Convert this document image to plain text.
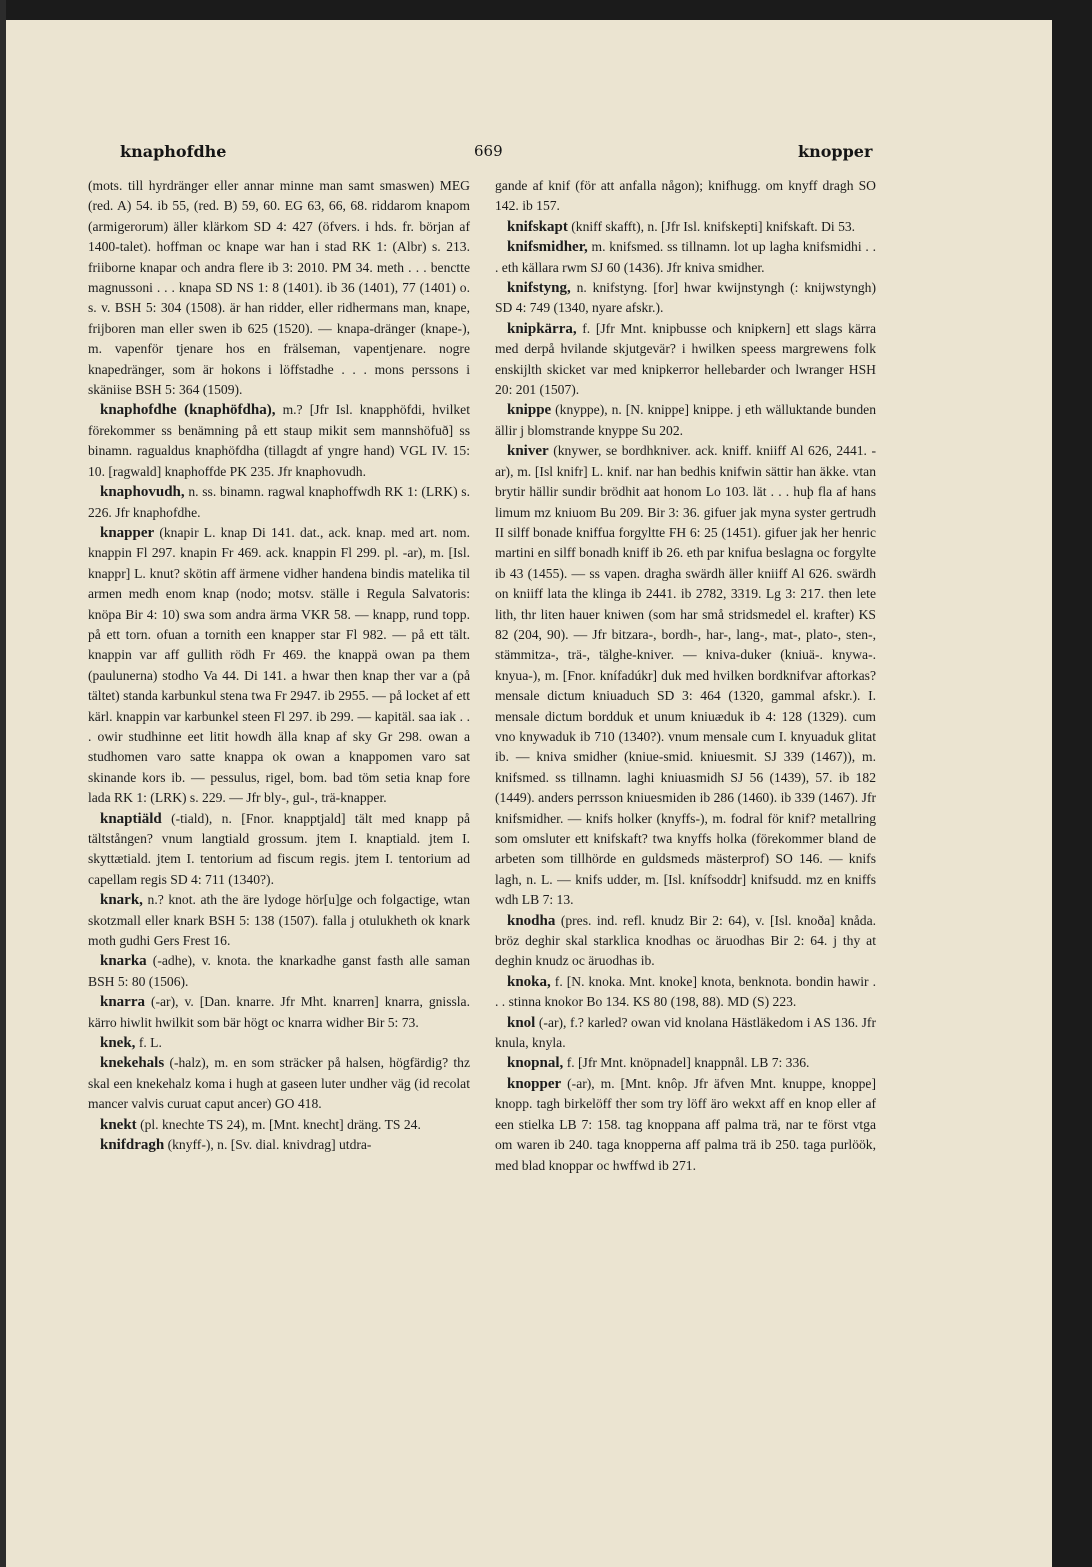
knaphofdhe	669	knopper

(mots. till hyrdränger eller annar minne man samt smaswen) MEG (red. A) 54. ib 55, (red. B) 59, 60. EG 63, 66, 68. riddarom knapom (armigerorum) äller klärkom SD 4: 427 (öfvers. i hds. fr. början af 1400-talet). hoffman oc knape war han i stad RK 1: (Albr) s. 213. friiborne knapar och andra flere ib 3: 2010. PM 34. meth . . . benctte magnussoni . . . knapa SD NS 1: 8 (1401). ib 36 (1401), 77 (1401) o. s. v. BSH 5: 304 (1508). är han ridder, eller ridhermans man, knape, frijboren man eller swen ib 625 (1520). — knapa-dränger (knape-), m. vapenför tjenare hos en frälseman, vapentjenare. nogre knapedränger, som är hokons i löffstadhe . . . mons perssons i skäniise BSH 5: 364 (1509).

knaphofdhe (knaphöfdha), m.? [Jfr Isl. knapphöfdi, hvilket förekommer ss benämning på ett staup mikit sem mannshöfuð] ss binamn. ragualdus knaphöfdha (tillagdt af yngre hand) VGL IV. 15: 10. [ragwald] knaphoffde PK 235. Jfr knaphovudh.

knaphovudh, n. ss. binamn. ragwal knaphoffwdh RK 1: (LRK) s. 226. Jfr knaphofdhe.

knapper (knapir L. knap Di 141. dat., ack. knap. med art. nom. knappin Fl 297. knapin Fr 469. ack. knappin Fl 299. pl. -ar), m. [Isl. knappr] L. knut? skötin aff ärmene vidher handena bindis matelika til armen medh enom knap (nodo; motsv. ställe i Regula Salvatoris: knöpa Bir 4: 10) swa som andra ärma VKR 58. — knapp, rund topp. på ett torn. ofuan a tornith een knapper star Fl 982. — på ett tält. knappin var aff gullith rödh Fr 469. the knappä owan pa them (paulunerna) stodho Va 44. Di 141. a hwar then knap ther var a (på tältet) standa karbunkul stena twa Fr 2947. ib 2955. — på locket af ett kärl. knappin var karbunkel steen Fl 297. ib 299. — kapitäl. saa iak . . . owir studhinne eet litit howdh älla knap af sky Gr 298. owan a studhomen varo satte knappa ok owan a knappomen varo sat skinande kors ib. — pessulus, rigel, bom. bad töm setia knap fore lada RK 1: (LRK) s. 229. — Jfr bly-, gul-, trä-knapper.

knaptiäld (-tiald), n. [Fnor. knapptjald] tält med knapp på tältstången? vnum langtiald grossum. jtem I. knaptiald. jtem I. skyttætiald. jtem I. tentorium ad fiscum regis. jtem I. tentorium ad capellam regis SD 4: 711 (1340?).

knark, n.? knot. ath the äre lydoge hör[u]ge och folgactige, wtan skotzmall eller knark BSH 5: 138 (1507). falla j otulukheth ok knark moth gudhi Gers Frest 16.

knarka (-adhe), v. knota. the knarkadhe ganst fasth alle saman BSH 5: 80 (1506).

knarra (-ar), v. [Dan. knarre. Jfr Mht. knarren] knarra, gnissla. kärro hiwlit hwilkit som bär högt oc knarra widher Bir 5: 73.

knek, f. L.

knekehals (-halz), m. en som sträcker på halsen, högfärdig? thz skal een knekehalz koma i hugh at gaseen luter undher väg (id recolat mancer valvis curuat caput ancer) GO 418.

knekt (pl. knechte TS 24), m. [Mnt. knecht] dräng. TS 24.

knifdragh (knyff-), n. [Sv. dial. knivdrag] utdra-

gande af knif (för att anfalla någon); knifhugg. om knyff dragh SO 142. ib 157.

knifskapt (kniff skafft), n. [Jfr Isl. knifskepti] knifskaft. Di 53.

knifsmidher, m. knifsmed. ss tillnamn. lot up lagha knifsmidhi . . . eth källara rwm SJ 60 (1436). Jfr kniva smidher.

knifstyng, n. knifstyng. [for] hwar kwijnstyngh (: knijwstyngh) SD 4: 749 (1340, nyare afskr.).

knipkärra, f. [Jfr Mnt. knipbusse och knipkern] ett slags kärra med derpå hvilande skjutgevär? i hwilken speess margrewens folk enskijlth skicket var med knipkerror hellebarder och lwranger HSH 20: 201 (1507).

knippe (knyppe), n. [N. knippe] knippe. j eth wälluktande bunden ällir j blomstrande knyppe Su 202.

kniver (knywer, se bordhkniver. ack. kniff. kniiff Al 626, 2441. -ar), m. [Isl knifr] L. knif. nar han bedhis knifwin sättir han äkke. vtan brytir hällir sundir brödhit aat honom Lo 103. lät . . . huþ fla af hans limum mz kniuom Bu 209. Bir 3: 36. gifuer jak myna syster gertrudh II silff bonade kniffua forgyltte FH 6: 25 (1451). gifuer jak her henric martini en silff bonadh kniff ib 26. eth par knifua beslagna oc forgylte ib 43 (1455). — ss vapen. dragha swärdh äller kniiff Al 626. swärdh on kniiff lata the klinga ib 2441. ib 2782, 3319. Lg 3: 217. then lete lith, thr liten hauer kniwen (som har små stridsmedel el. krafter) KS 82 (204, 90). — Jfr bitzara-, bordh-, har-, lang-, mat-, plato-, sten-, stämmitza-, trä-, tälghe-kniver. — kniva-duker (kniuä-. knywa-. knyua-), m. [Fnor. knífadúkr] duk med hvilken bordknifvar aftorkas? mensale dictum kniuaduch SD 3: 464 (1320, gammal afskr.). I. mensale dictum bordduk et unum kniuæduk ib 4: 128 (1329). cum vno knywaduk ib 710 (1340?). vnum mensale cum I. knyuaduk glitat ib. — kniva smidher (kniue-smid. kniuesmit. SJ 339 (1467)), m. knifsmed. ss tillnamn. laghi kniuasmidh SJ 56 (1439), 57. ib 182 (1449). anders perrsson kniuesmiden ib 286 (1460). ib 339 (1467). Jfr knifsmidher. — knifs holker (knyffs-), m. fodral för knif? metallring som omsluter ett knifskaft? twa knyffs holka (förekommer bland de arbeten som tillhörde en guldsmeds mästerprof) SO 146. — knifs lagh, n. L. — knifs udder, m. [Isl. knífsoddr] knifsudd. mz en kniffs wdh LB 7: 13.

knodha (pres. ind. refl. knudz Bir 2: 64), v. [Isl. knoða] knåda. bröz deghir skal starklica knodhas oc äruodhas Bir 2: 64. j thy at deghin knudz oc äruodhas ib.

knoka, f. [N. knoka. Mnt. knoke] knota, benknota. bondin hawir . . . stinna knokor Bo 134. KS 80 (198, 88). MD (S) 223.

knol (-ar), f.? karled? owan vid knolana Hästläkedom i AS 136. Jfr knula, knyla.

knopnal, f. [Jfr Mnt. knöpnadel] knappnål. LB 7: 336.

knopper (-ar), m. [Mnt. knôp. Jfr äfven Mnt. knuppe, knoppe] knopp. tagh birkelöff ther som try löff äro wekxt aff en knop eller af een stielka LB 7: 158. tag knoppana aff palma trä, nar te först vtga om waren ib 240. taga knopperna aff palma trä ib 250. taga purlöök, med blad knoppar oc hwffwd ib 271.
